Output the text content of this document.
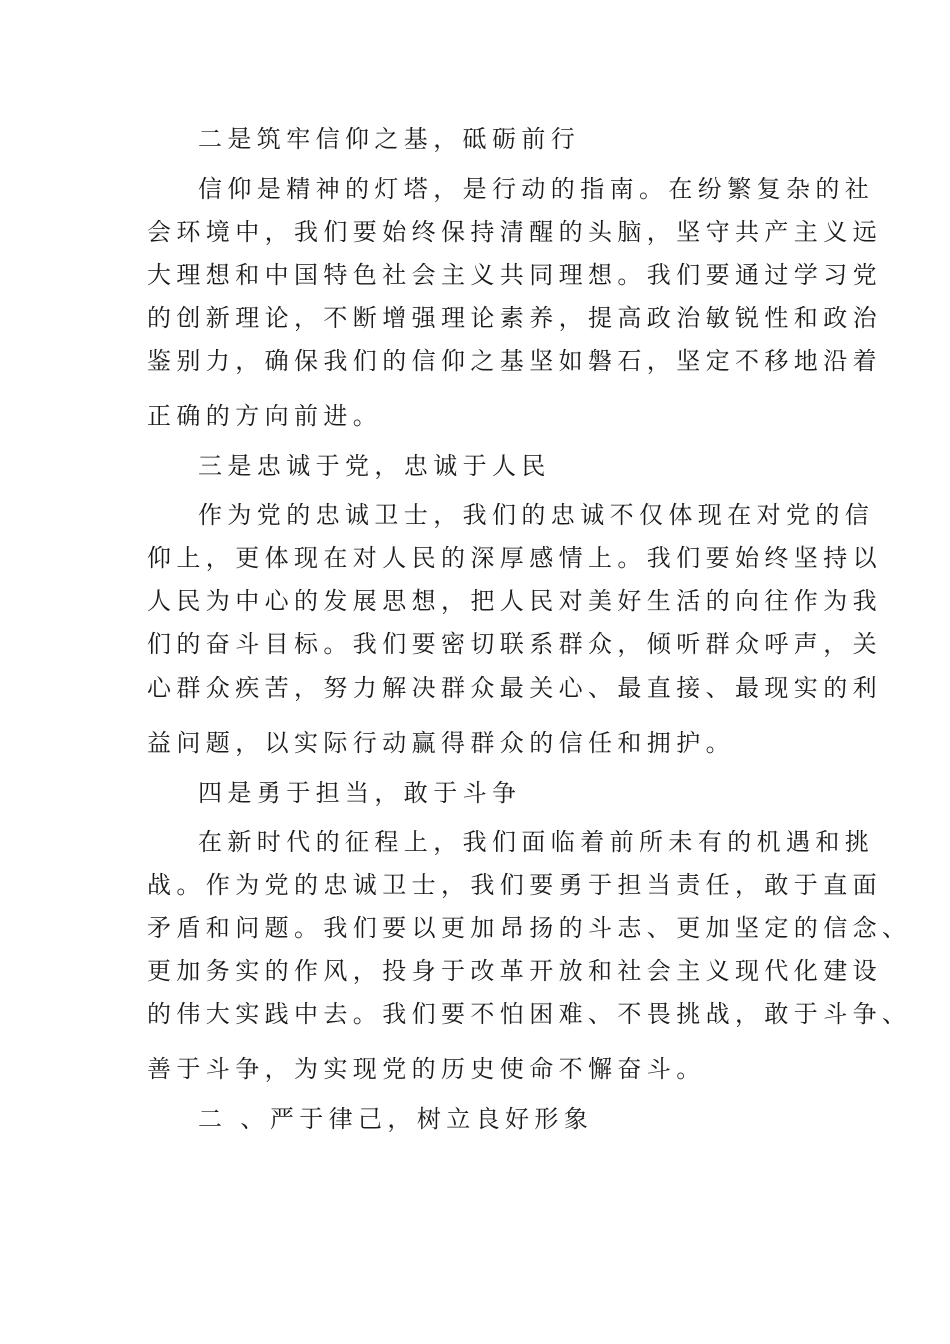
二是筑牢信仰之基，砥砺前行
信仰是精神的灯塔，是行动的指南。在纷繁复杂的社
会环境中，我们要始终保持清醒的头脑，坚守共产主义远
大理想和中国特色社会主义共同理想。我们要通过学习党
的创新理论，不断增强理论素养，提高政治敏锐性和政治
鉴别力，确保我们的信仰之基坚如磐石，坚定不移地沿着
正确的方向前进。
三是忠诚于党，忠诚于人民
作为党的忠诚卫士，我们的忠诚不仅体现在对党的信
仰上，更体现在对人民的深厚感情上。我们要始终坚持以
人民为中心的发展思想，把人民对美好生活的向往作为我
们的奋斗目标。我们要密切联系群众，倾听群众呼声，关
心群众疾苦，努力解决群众最关心、最直接、最现实的利
益问题，以实际行动赢得群众的信任和拥护。
四是勇于担当，敢于斗争
在新时代的征程上，我们面临着前所未有的机遇和挑
战。作为党的忠诚卫士，我们要勇于担当责任，敢于直面
矛盾和问题。我们要以更加昂扬的斗志、更加坚定的信念、
更加务实的作风，投身于改革开放和社会主义现代化建设
的伟大实践中去。我们要不怕困难、不畏挑战，敢于斗争、
善于斗争，为实现党的历史使命不懈奋斗。
二 、严于律己，树立良好形象
